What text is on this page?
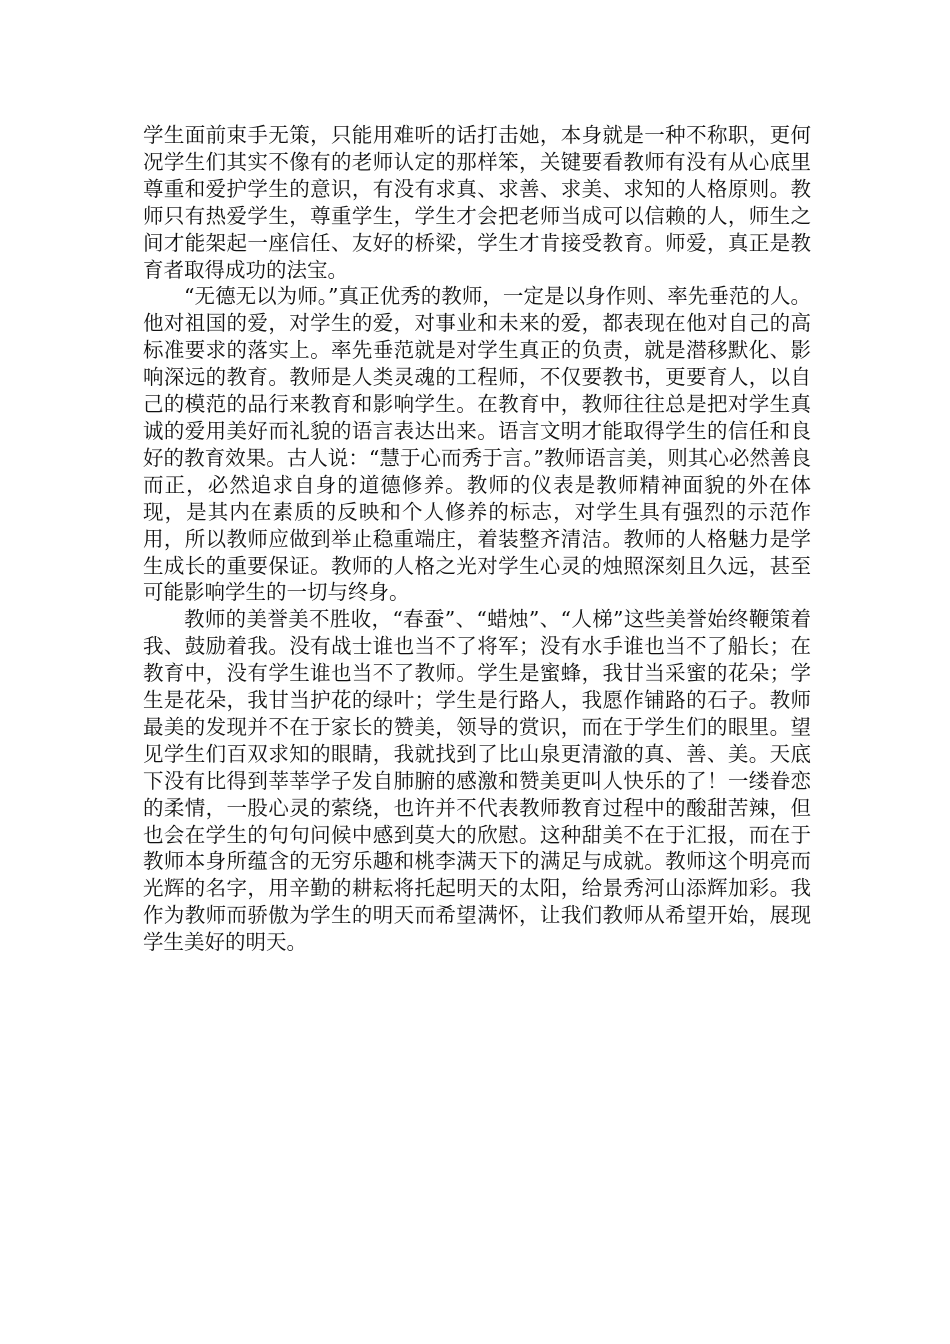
学生面前束手无策，只能用难听的话打击她，本身就是一种不称职，更何况学生们其实不像有的老师认定的那样笨，关键要看教师有没有从心底里尊重和爱护学生的意识，有没有求真、求善、求美、求知的人格原则。教师只有热爱学生，尊重学生，学生才会把老师当成可以信赖的人，师生之间才能架起一座信任、友好的桥梁，学生才肯接受教育。师爱，真正是教育者取得成功的法宝。

“无德无以为师。”真正优秀的教师，一定是以身作则、率先垂范的人。他对祖国的爱，对学生的爱，对事业和未来的爱，都表现在他对自己的高标准要求的落实上。率先垂范就是对学生真正的负责，就是潜移默化、影响深远的教育。教师是人类灵魂的工程师，不仅要教书，更要育人，以自己的模范的品行来教育和影响学生。在教育中，教师往往总是把对学生真诚的爱用美好而礼貌的语言表达出来。语言文明才能取得学生的信任和良好的教育效果。古人说：“慧于心而秀于言。”教师语言美，则其心必然善良而正，必然追求自身的道德修养。教师的仪表是教师精神面貌的外在体现，是其内在素质的反映和个人修养的标志，对学生具有强烈的示范作用，所以教师应做到举止稳重端庄，着装整齐清洁。教师的人格魅力是学生成长的重要保证。教师的人格之光对学生心灵的烛照深刻且久远，甚至可能影响学生的一切与终身。

教师的美誉美不胜收，“春蚕”、“蜡烛”、“人梯”这些美誉始终鞭策着我、鼓励着我。没有战士谁也当不了将军；没有水手谁也当不了船长；在教育中，没有学生谁也当不了教师。学生是蜜蜂，我甘当采蜜的花朵；学生是花朵，我甘当护花的绿叶；学生是行路人，我愿作铺路的石子。教师最美的发现并不在于家长的赞美，领导的赏识，而在于学生们的眼里。望见学生们百双求知的眼睛，我就找到了比山泉更清澈的真、善、美。天底下没有比得到莘莘学子发自肺腑的感激和赞美更叫人快乐的了！一缕眷恋的柔情，一股心灵的萦绕，也许并不代表教师教育过程中的酸甜苦辣，但也会在学生的句句问候中感到莫大的欣慰。这种甜美不在于汇报，而在于教师本身所蕴含的无穷乐趣和桃李满天下的满足与成就。教师这个明亮而光辉的名字，用辛勤的耕耘将托起明天的太阳，给景秀河山添辉加彩。我作为教师而骄傲为学生的明天而希望满怀，让我们教师从希望开始，展现学生美好的明天。
